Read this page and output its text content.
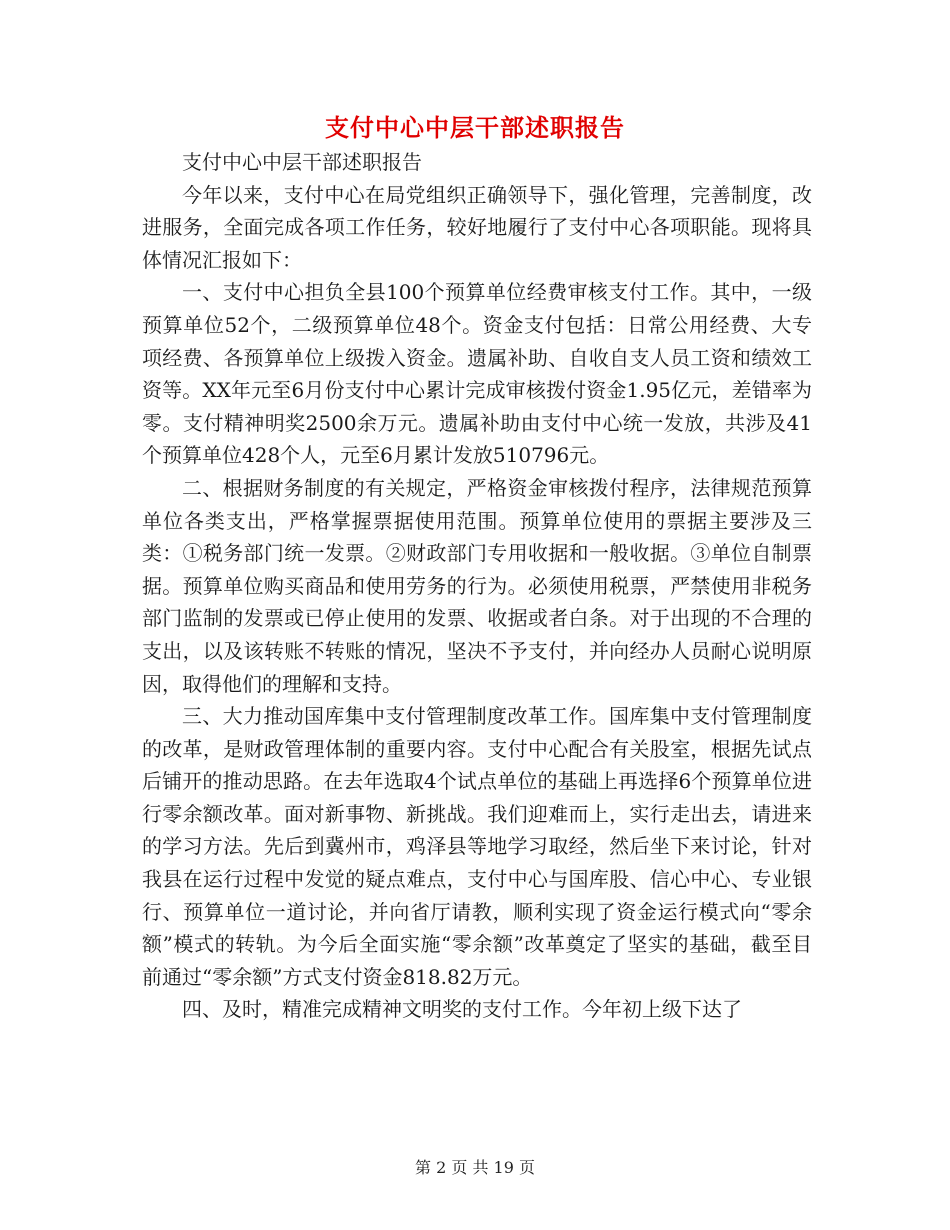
支付中心中层干部述职报告

支付中心中层干部述职报告

今年以来，支付中心在局党组织正确领导下，强化管理，完善制度，改进服务，全面完成各项工作任务，较好地履行了支付中心各项职能。现将具体情况汇报如下：

一、支付中心担负全县100个预算单位经费审核支付工作。其中，一级预算单位52个，二级预算单位48个。资金支付包括：日常公用经费、大专项经费、各预算单位上级拨入资金。遗属补助、自收自支人员工资和绩效工资等。XX年元至6月份支付中心累计完成审核拨付资金1.95亿元，差错率为零。支付精神明奖2500余万元。遗属补助由支付中心统一发放，共涉及41个预算单位428个人，元至6月累计发放510796元。

二、根据财务制度的有关规定，严格资金审核拨付程序，法律规范预算单位各类支出，严格掌握票据使用范围。预算单位使用的票据主要涉及三类：①税务部门统一发票。②财政部门专用收据和一般收据。③单位自制票据。预算单位购买商品和使用劳务的行为。必须使用税票，严禁使用非税务部门监制的发票或已停止使用的发票、收据或者白条。对于出现的不合理的支出，以及该转账不转账的情况，坚决不予支付，并向经办人员耐心说明原因，取得他们的理解和支持。

三、大力推动国库集中支付管理制度改革工作。国库集中支付管理制度的改革，是财政管理体制的重要内容。支付中心配合有关股室，根据先试点后铺开的推动思路。在去年选取4个试点单位的基础上再选择6个预算单位进行零余额改革。面对新事物、新挑战。我们迎难而上，实行走出去，请进来的学习方法。先后到冀州市，鸡泽县等地学习取经，然后坐下来讨论，针对我县在运行过程中发觉的疑点难点，支付中心与国库股、信心中心、专业银行、预算单位一道讨论，并向省厅请教，顺利实现了资金运行模式向“零余额”模式的转轨。为今后全面实施“零余额”改革奠定了坚实的基础，截至目前通过“零余额”方式支付资金818.82万元。

四、及时，精准完成精神文明奖的支付工作。今年初上级下达了

第 2 页 共 19 页
